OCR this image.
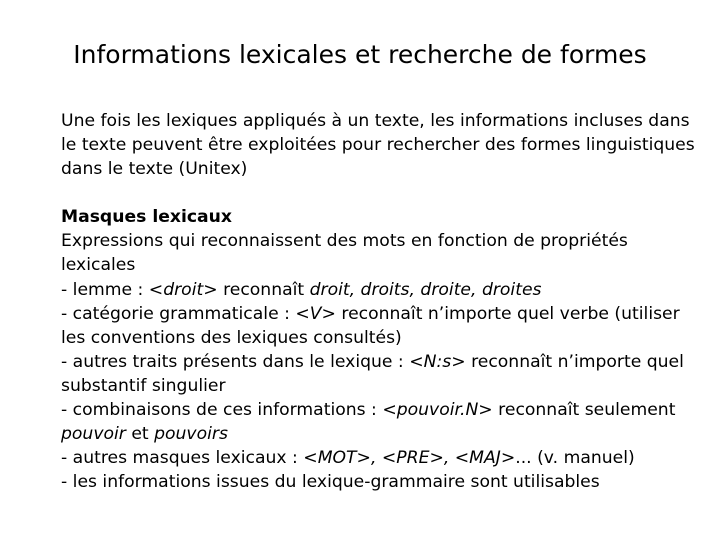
Informations lexicales et recherche de formes

Une fois les lexiques appliqués à un texte, les informations incluses dans le texte peuvent être exploitées pour rechercher des formes linguistiques dans le texte (Unitex)

Masques lexicaux
Expressions qui reconnaissent des mots en fonction de propriétés lexicales
- lemme : <droit> reconnaît droit, droits, droite, droites
- catégorie grammaticale : <V> reconnaît n’importe quel verbe (utiliser les conventions des lexiques consultés)
- autres traits présents dans le lexique : <N:s> reconnaît n’importe quel substantif singulier
- combinaisons de ces informations : <pouvoir.N> reconnaît seulement pouvoir et pouvoirs
- autres masques lexicaux : <MOT>, <PRE>, <MAJ>... (v. manuel)
- les informations issues du lexique-grammaire sont utilisables
